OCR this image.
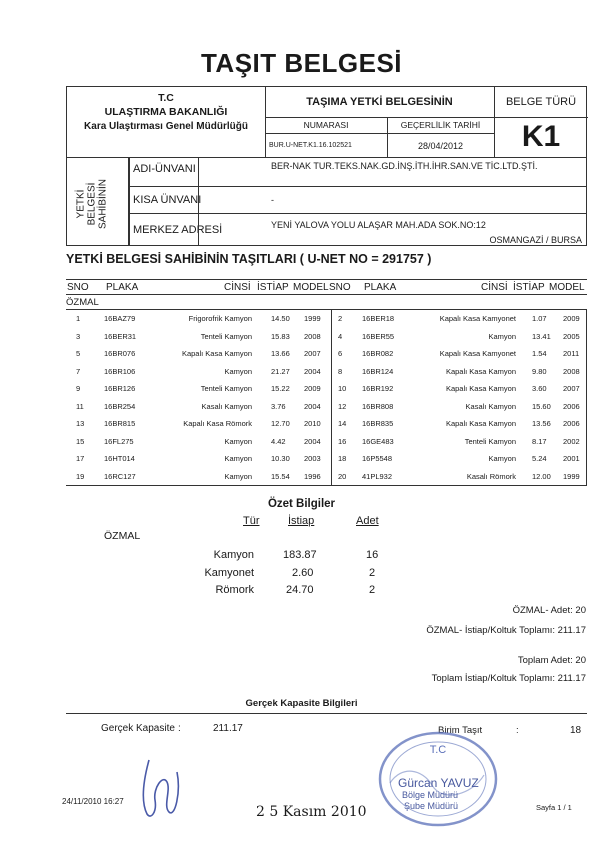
TAŞIT BELGESİ
T.C
ULAŞTIRMA BAKANLIĞI
Kara Ulaştırması Genel Müdürlüğü
TAŞIMA YETKİ BELGESİNİN
NUMARASI	GEÇERLİLİK TARİHİ
BUR.U-NET.K1.16.102521	28/04/2012
BELGE TÜRÜ
K1
ADI-ÜNVANI	BER-NAK TUR.TEKS.NAK.GD.İNŞ.İTH.İHR.SAN.VE TİC.LTD.ŞTİ.
KISA ÜNVANI	-
MERKEZ ADRESİ	YENİ YALOVA YOLU ALAŞAR MAH.ADA SOK.NO:12
OSMANGAZİ / BURSA
YETKİ BELGESİ SAHİBİNİN
YETKİ BELGESİ SAHİBİNİN TAŞITLARI ( U-NET NO = 291757 )
SNO PLAKA	CİNSİ İSTİAP MODEL SNO PLAKA	CİNSİ İSTİAP MODEL
ÖZMAL
1	16BAZ79	Frigorofrik Kamyon	14.50 1999 2	16BER18	Kapalı Kasa Kamyonet 1.07 2009
3	16BER31	Tenteli Kamyon	15.83 2008 4	16BER55	Kamyon 13.41 2005
5	16BR076	Kapalı Kasa Kamyon	13.66 2007 6	16BR082	Kapalı Kasa Kamyonet 1.54 2011
7	16BR106	Kamyon	21.27 2004 8	16BR124	Kapalı Kasa Kamyon 9.80 2008
9	16BR126	Tenteli Kamyon	15.22 2009 10 16BR192	Kapalı Kasa Kamyon 3.60 2007
11	16BR254	Kasalı Kamyon	3.76 2004 12 16BR808	Kasalı Kamyon 15.60 2006
13	16BR815	Kapalı Kasa Römork	12.70 2010 14 16BR835	Kapalı Kasa Kamyon 13.56 2006
15	16FL275	Kamyon	4.42 2004 16 16GE483	Tenteli Kamyon 8.17 2002
17	16HT014	Kamyon	10.30 2003 18 16P5548	Kamyon 5.24 2001
19	16RC127	Kamyon	15.54 1996 20 41PL932	Kasalı Römork 12.00 1999
Özet Bilgiler
Tür	İstiap	Adet
ÖZMAL
Kamyon	183.87	16
Kamyonet	2.60	2
Römork	24.70	2
ÖZMAL- Adet: 20
ÖZMAL- İstiap/Koltuk Toplamı: 211.17
Toplam Adet: 20
Toplam İstiap/Koltuk Toplamı: 211.17
Gerçek Kapasite Bilgileri
Gerçek Kapasite :	211.17	Birim Taşıt	:	18
T.C
Gürcan YAVUZ
Bölge Müdürü
Şube Müdürü
24/11/2010 16:27
2 5 Kasım 2010	Sayfa 1 / 1
